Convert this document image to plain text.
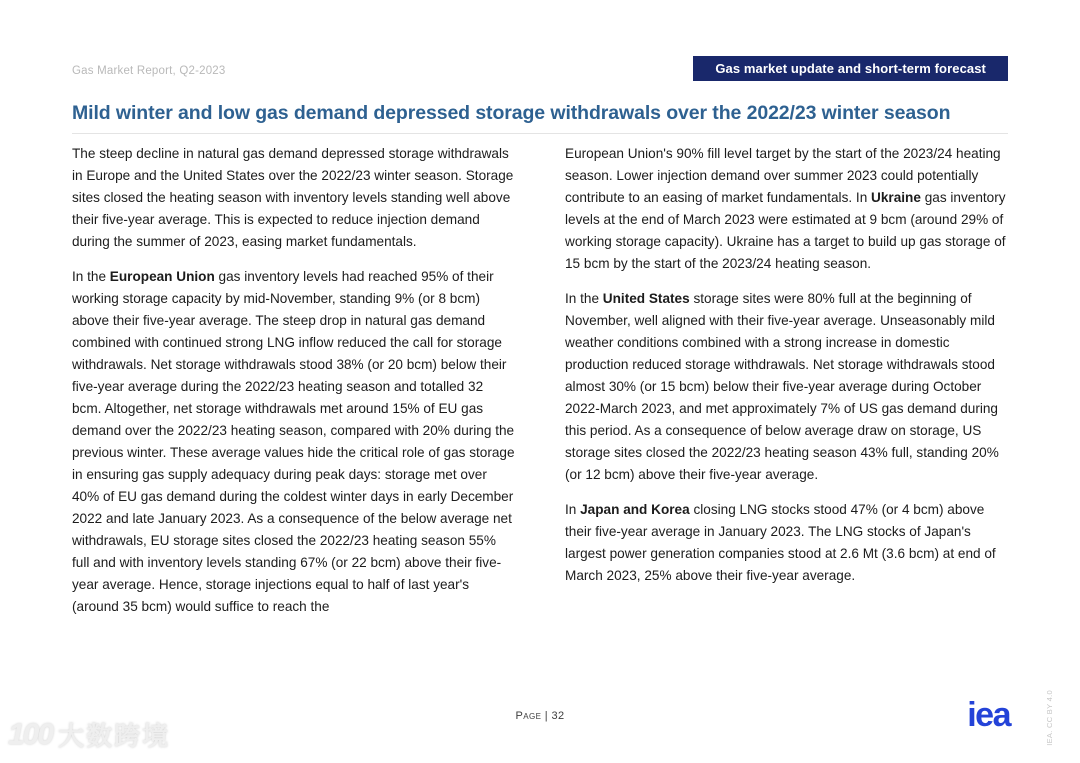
Gas Market Report, Q2-2023	Gas market update and short-term forecast
Mild winter and low gas demand depressed storage withdrawals over the 2022/23 winter season

The steep decline in natural gas demand depressed storage withdrawals in Europe and the United States over the 2022/23 winter season. Storage sites closed the heating season with inventory levels standing well above their five-year average. This is expected to reduce injection demand during the summer of 2023, easing market fundamentals.

In the European Union gas inventory levels had reached 95% of their working storage capacity by mid-November, standing 9% (or 8 bcm) above their five-year average. The steep drop in natural gas demand combined with continued strong LNG inflow reduced the call for storage withdrawals. Net storage withdrawals stood 38% (or 20 bcm) below their five-year average during the 2022/23 heating season and totalled 32 bcm. Altogether, net storage withdrawals met around 15% of EU gas demand over the 2022/23 heating season, compared with 20% during the previous winter. These average values hide the critical role of gas storage in ensuring gas supply adequacy during peak days: storage met over 40% of EU gas demand during the coldest winter days in early December 2022 and late January 2023. As a consequence of the below average net withdrawals, EU storage sites closed the 2022/23 heating season 55% full and with inventory levels standing 67% (or 22 bcm) above their five-year average. Hence, storage injections equal to half of last year's (around 35 bcm) would suffice to reach the

European Union's 90% fill level target by the start of the 2023/24 heating season. Lower injection demand over summer 2023 could potentially contribute to an easing of market fundamentals. In Ukraine gas inventory levels at the end of March 2023 were estimated at 9 bcm (around 29% of working storage capacity). Ukraine has a target to build up gas storage of 15 bcm by the start of the 2023/24 heating season.

In the United States storage sites were 80% full at the beginning of November, well aligned with their five-year average. Unseasonably mild weather conditions combined with a strong increase in domestic production reduced storage withdrawals. Net storage withdrawals stood almost 30% (or 15 bcm) below their five-year average during October 2022-March 2023, and met approximately 7% of US gas demand during this period. As a consequence of below average draw on storage, US storage sites closed the 2022/23 heating season 43% full, standing 20% (or 12 bcm) above their five-year average.

In Japan and Korea closing LNG stocks stood 47% (or 4 bcm) above their five-year average in January 2023. The LNG stocks of Japan's largest power generation companies stood at 2.6 Mt (3.6 bcm) at end of March 2023, 25% above their five-year average.

Page | 32	iea	IEA. CC BY 4.0
100 大数跨境
